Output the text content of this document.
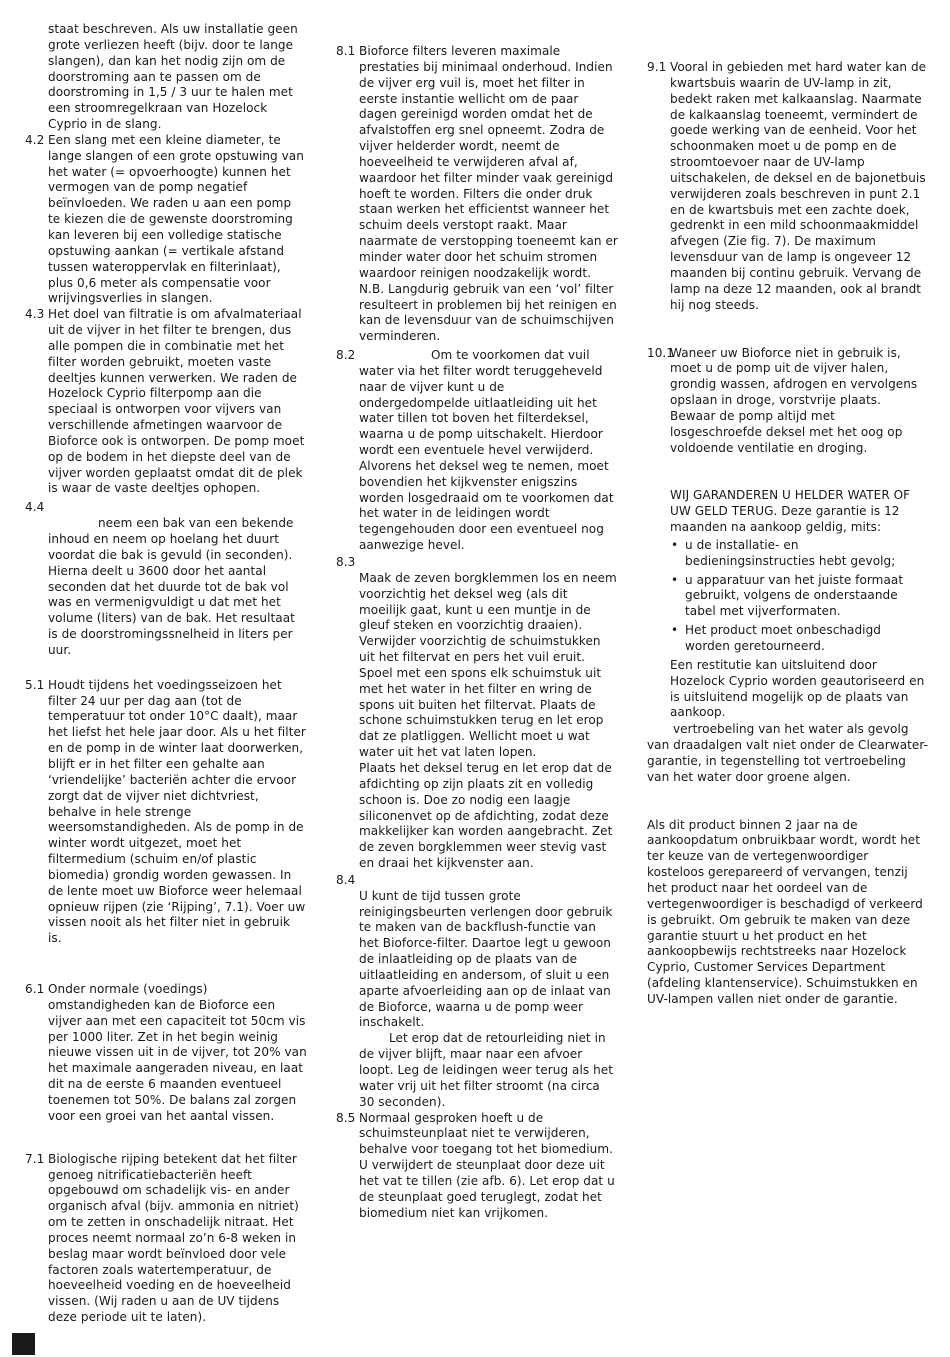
staat beschreven. Als uw installatie geen grote verliezen heeft (bijv. door te lange slangen), dan kan het nodig zijn om de doorstroming aan te passen om de doorstroming in 1,5 / 3 uur te halen met een stroomregelkraan van Hozelock Cyprio in de slang.

4.2 Een slang met een kleine diameter, te lange slangen of een grote opstuwing van het water (= opvoerhoogte) kunnen het vermogen van de pomp negatief beïnvloeden. We raden u aan een pomp te kiezen die de gewenste doorstroming kan leveren bij een volledige statische opstuwing aankan (= vertikale afstand tussen wateroppervlak en filterinlaat), plus 0,6 meter als compensatie voor wrijvingsverlies in slangen.

4.3 Het doel van filtratie is om afvalmateriaal uit de vijver in het filter te brengen, dus alle pompen die in combinatie met het filter worden gebruikt, moeten vaste deeltjes kunnen verwerken. We raden de Hozelock Cyprio filterpomp aan die speciaal is ontworpen voor vijvers van verschillende afmetingen waarvoor de Bioforce ook is ontworpen. De pomp moet op de bodem in het diepste deel van de vijver worden geplaatst omdat dit de plek is waar de vaste deeltjes ophopen.

4.4

neem een bak van een bekende inhoud en neem op hoelang het duurt voordat die bak is gevuld (in seconden). Hierna deelt u 3600 door het aantal seconden dat het duurde tot de bak vol was en vermenigvuldigt u dat met het volume (liters) van de bak. Het resultaat is de doorstromingssnelheid in liters per uur.

5.1 Houdt tijdens het voedingsseizoen het filter 24 uur per dag aan (tot de temperatuur tot onder 10°C daalt), maar het liefst het hele jaar door. Als u het filter en de pomp in de winter laat doorwerken, blijft er in het filter een gehalte aan ‘vriendelijke’ bacteriën achter die ervoor zorgt dat de vijver niet dichtvriest, behalve in hele strenge weersomstandigheden. Als de pomp in de winter wordt uitgezet, moet het filtermedium (schuim en/of plastic biomedia) grondig worden gewassen. In de lente moet uw Bioforce weer helemaal opnieuw rijpen (zie ‘Rijping’, 7.1). Voer uw vissen nooit als het filter niet in gebruik is.

6.1 Onder normale (voedings) omstandigheden kan de Bioforce een vijver aan met een capaciteit tot 50cm vis per 1000 liter. Zet in het begin weinig nieuwe vissen uit in de vijver, tot 20% van het maximale aangeraden niveau, en laat dit na de eerste 6 maanden eventueel toenemen tot 50%. De balans zal zorgen voor een groei van het aantal vissen.

7.1 Biologische rijping betekent dat het filter genoeg nitrificatiebacteriën heeft opgebouwd om schadelijk vis- en ander organisch afval (bijv. ammonia en nitriet) om te zetten in onschadelijk nitraat. Het proces neemt normaal zo’n 6-8 weken in beslag maar wordt beïnvloed door vele factoren zoals watertemperatuur, de hoeveelheid voeding en de hoeveelheid vissen. (Wij raden u aan de UV tijdens deze periode uit te laten).

8.1 Bioforce filters leveren maximale prestaties bij minimaal onderhoud. Indien de vijver erg vuil is, moet het filter in eerste instantie wellicht om de paar dagen gereinigd worden omdat het de afvalstoffen erg snel opneemt. Zodra de vijver helderder wordt, neemt de hoeveelheid te verwijderen afval af, waardoor het filter minder vaak gereinigd hoeft te worden. Filters die onder druk staan werken het efficientst wanneer het schuim deels verstopt raakt. Maar naarmate de verstopping toeneemt kan er minder water door het schuim stromen waardoor reinigen noodzakelijk wordt. N.B. Langdurig gebruik van een ‘vol’ filter resulteert in problemen bij het reinigen en kan de levensduur van de schuimschijven verminderen.

8.2	Om te voorkomen dat vuil water via het filter wordt teruggeheveld naar de vijver kunt u de ondergedompelde uitlaatleiding uit het water tillen tot boven het filterdeksel, waarna u de pomp uitschakelt. Hierdoor wordt een eventuele hevel verwijderd. Alvorens het deksel weg te nemen, moet bovendien het kijkvenster enigszins worden losgedraaid om te voorkomen dat het water in de leidingen wordt tegengehouden door een eventueel nog aanwezige hevel.

8.3

Maak de zeven borgklemmen los en neem voorzichtig het deksel weg (als dit moeilijk gaat, kunt u een muntje in de gleuf steken en voorzichtig draaien). Verwijder voorzichtig de schuimstukken uit het filtervat en pers het vuil eruit. Spoel met een spons elk schuimstuk uit met het water in het filter en wring de spons uit buiten het filtervat. Plaats de schone schuimstukken terug en let erop dat ze platliggen. Wellicht moet u wat water uit het vat laten lopen.

Plaats het deksel terug en let erop dat de afdichting op zijn plaats zit en volledig schoon is. Doe zo nodig een laagje siliconenvet op de afdichting, zodat deze makkelijker kan worden aangebracht. Zet de zeven borgklemmen weer stevig vast en draai het kijkvenster aan.

8.4

U kunt de tijd tussen grote reinigingsbeurten verlengen door gebruik te maken van de backflush-functie van het Bioforce-filter. Daartoe legt u gewoon de inlaatleiding op de plaats van de uitlaatleiding en andersom, of sluit u een aparte afvoerleiding aan op de inlaat van de Bioforce, waarna u de pomp weer inschakelt.

Let erop dat de retourleiding niet in de vijver blijft, maar naar een afvoer loopt. Leg de leidingen weer terug als het water vrij uit het filter stroomt (na circa 30 seconden).

8.5 Normaal gesproken hoeft u de schuimsteunplaat niet te verwijderen, behalve voor toegang tot het biomedium. U verwijdert de steunplaat door deze uit het vat te tillen (zie afb. 6). Let erop dat u de steunplaat goed teruglegt, zodat het biomedium niet kan vrijkomen.

9.1 Vooral in gebieden met hard water kan de kwartsbuis waarin de UV-lamp in zit, bedekt raken met kalkaanslag. Naarmate de kalkaanslag toeneemt, vermindert de goede werking van de eenheid. Voor het schoonmaken moet u de pomp en de stroomtoevoer naar de UV-lamp uitschakelen, de deksel en de bajonetbuis verwijderen zoals beschreven in punt 2.1 en de kwartsbuis met een zachte doek, gedrenkt in een mild schoonmaakmiddel afvegen (Zie fig. 7). De maximum levensduur van de lamp is ongeveer 12 maanden bij continu gebruik. Vervang de lamp na deze 12 maanden, ook al brandt hij nog steeds.

10.1

Waneer uw Bioforce niet in gebruik is, moet u de pomp uit de vijver halen, grondig wassen, afdrogen en vervolgens opslaan in droge, vorstvrije plaats. Bewaar de pomp altijd met losgeschroefde deksel met het oog op voldoende ventilatie en droging.

WIJ GARANDEREN U HELDER WATER OF UW GELD TERUG. Deze garantie is 12 maanden na aankoop geldig, mits:

• u de installatie- en bedieningsinstructies hebt gevolg;
• u apparatuur van het juiste formaat gebruikt, volgens de onderstaande tabel met vijverformaten.
• Het product moet onbeschadigd worden geretourneerd.

Een restitutie kan uitsluitend door Hozelock Cyprio worden geautoriseerd en is uitsluitend mogelijk op de plaats van aankoop.

vertroebeling van het water als gevolg van draadalgen valt niet onder de Clearwater-garantie, in tegenstelling tot vertroebeling van het water door groene algen.

Als dit product binnen 2 jaar na de aankoopdatum onbruikbaar wordt, wordt het ter keuze van de vertegenwoordiger kosteloos gerepareerd of vervangen, tenzij het product naar het oordeel van de vertegenwoordiger is beschadigd of verkeerd is gebruikt. Om gebruik te maken van deze garantie stuurt u het product en het aankoopbewijs rechtstreeks naar Hozelock Cyprio, Customer Services Department (afdeling klantenservice). Schuimstukken en UV-lampen vallen niet onder de garantie.
